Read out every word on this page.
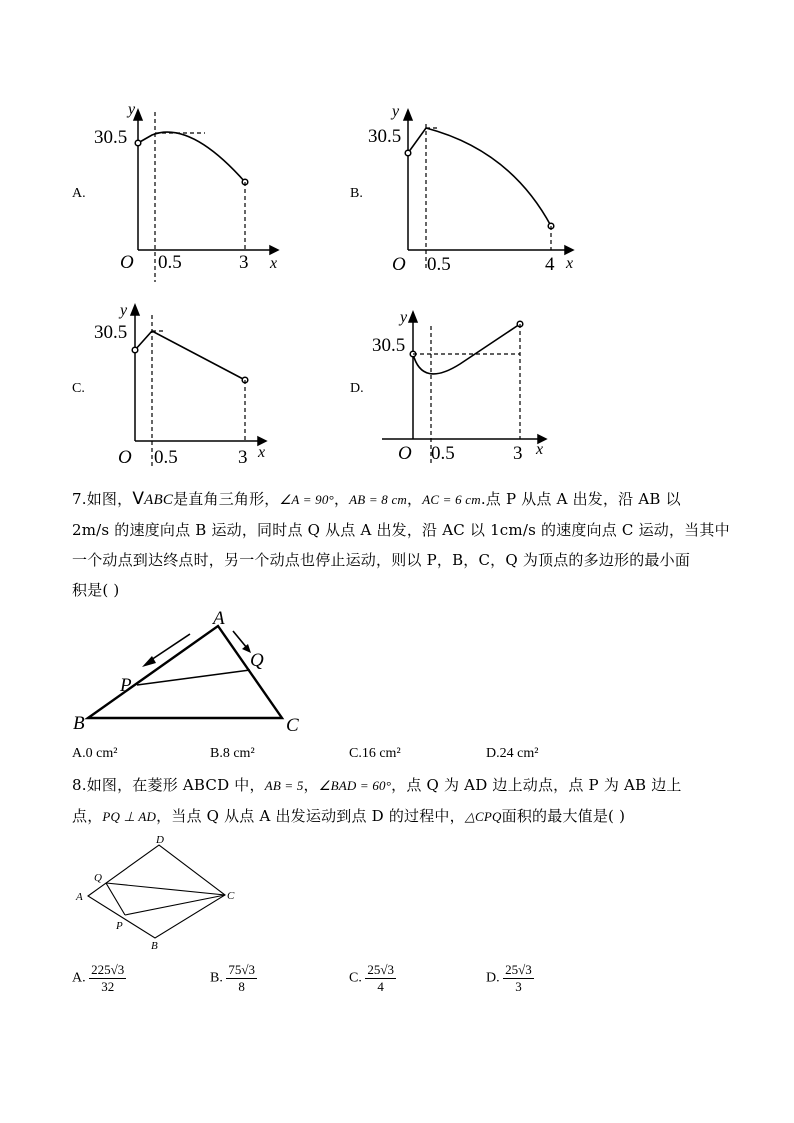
A.
y
30.5
O 0.5	3 x
B.
y
30.5
O 0.5	4 x
C.
y
30.5
O 0.5	3 x
D.
y
30.5
O 0.5	3 x
7.如图，VABC是直角三角形，∠A = 90°，AB = 8 cm，AC = 6 cm.点 P 从点 A 出发，沿 AB 以
2m/s 的速度向点 B 运动，同时点 Q 从点 A 出发，沿 AC 以 1cm/s 的速度向点 C 运动，当其中
一个动点到达终点时，另一个动点也停止运动，则以 P，B，C，Q 为顶点的多边形的最小面
积是( )
A
Q
P
B	C
A.0 cm²	B.8 cm²	C.16 cm²	D.24 cm²
8.如图，在菱形 ABCD 中，AB = 5，∠BAD = 60°，点 Q 为 AD 边上动点，点 P 为 AB 边上
点，PQ ⊥ AD，当点 Q 从点 A 出发运动到点 D 的过程中，△CPQ面积的最大值是( )
D
Q
A	C
P
B
A. $\frac{225√3}{32}$	B. $\frac{75√3}{8}$	C. $\frac{25√3}{4}$	D. $\frac{25√3}{3}$
